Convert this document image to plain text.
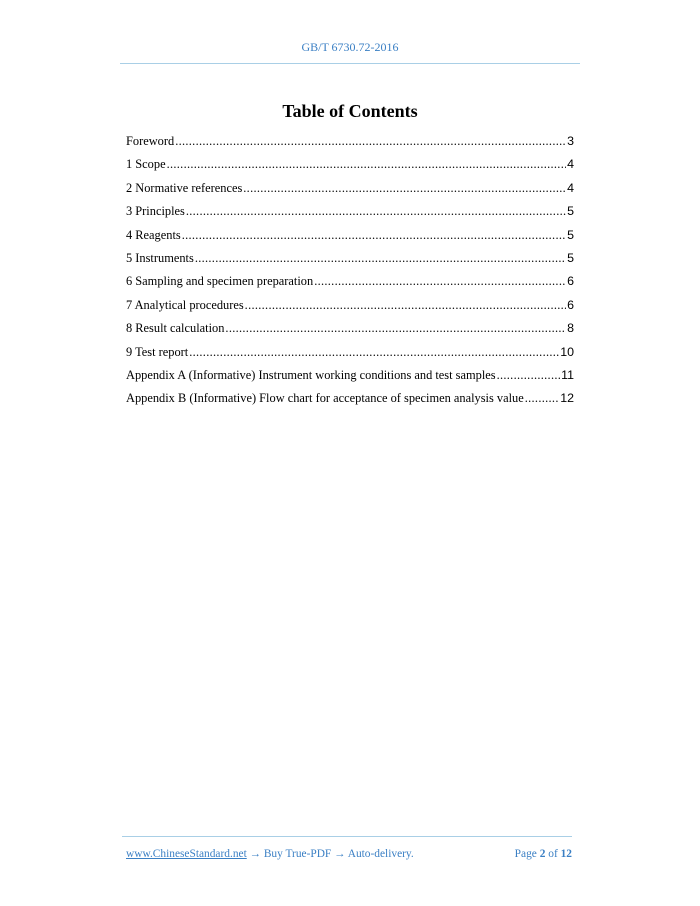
GB/T 6730.72-2016
Table of Contents
Foreword .....	3
1 Scope .....	4
2 Normative references .....	4
3 Principles .....	5
4 Reagents .....	5
5 Instruments .....	5
6 Sampling and specimen preparation .....	6
7 Analytical procedures .....	6
8 Result calculation .....	8
9 Test report .....	10
Appendix A (Informative) Instrument working conditions and test samples .....	11
Appendix B (Informative) Flow chart for acceptance of specimen analysis value .....	12
www.ChineseStandard.net → Buy True-PDF → Auto-delivery.	Page 2 of 12
